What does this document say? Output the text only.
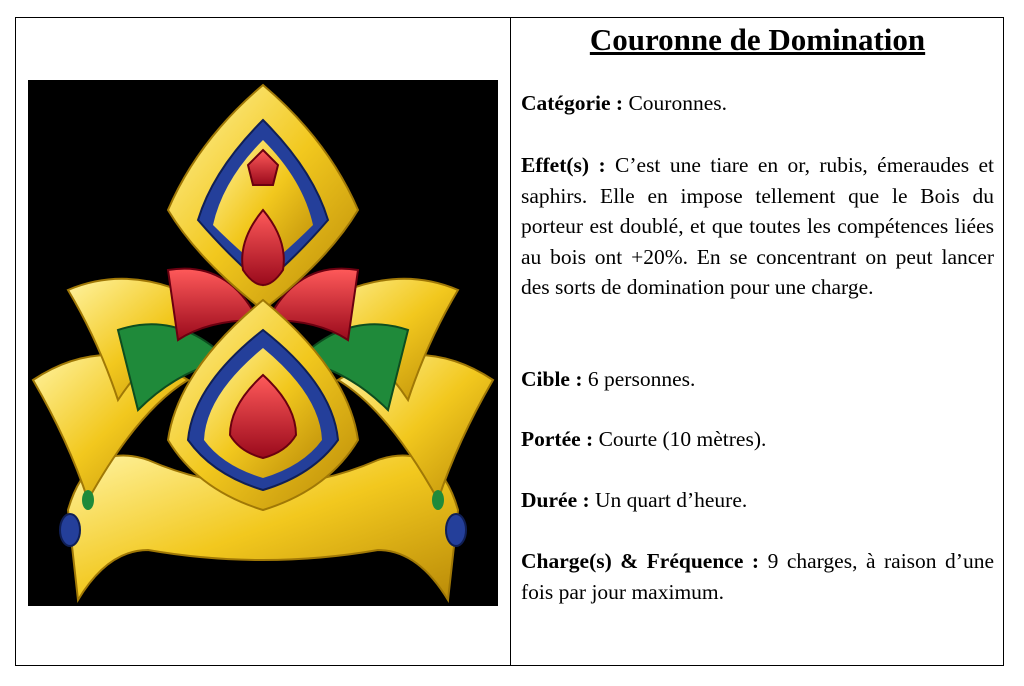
Couronne de Domination

Catégorie : Couronnes.

Effet(s) : C’est une tiare en or, rubis, émeraudes et saphirs. Elle en impose tellement que le Bois du porteur est doublé, et que toutes les compétences liées au bois ont +20%. En se concentrant on peut lancer des sorts de domination pour une charge.

Cible : 6 personnes.

Portée : Courte (10 mètres).

Durée : Un quart d’heure.

Charge(s) & Fréquence : 9 charges, à raison d’une fois par jour maximum.
